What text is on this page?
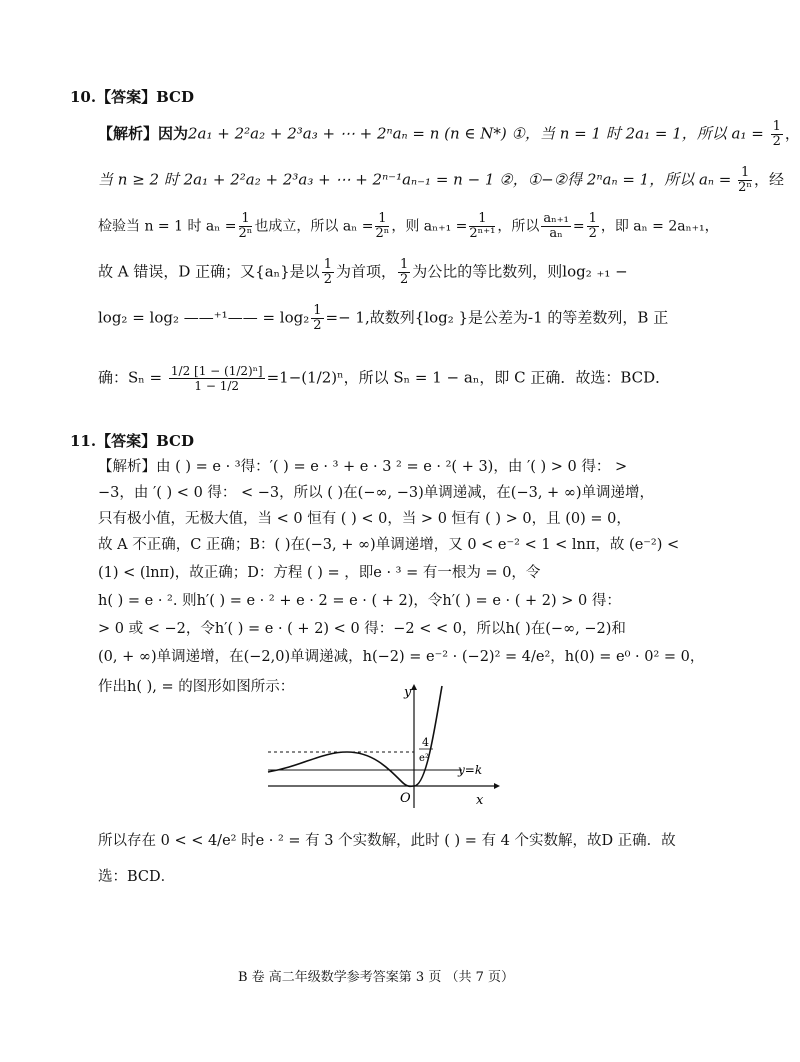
10.【答案】BCD
【解析】因为2a₁ + 2²a₂ + 2³a₃ + ⋯ + 2ⁿaₙ = n (n ∈ N*) ①，当 n = 1 时 2a₁ = 1，所以 $a_1 = \frac{1}{2}$ ，
当 n ≥ 2 时 2a₁ + 2²a₂ + 2³a₃ + ⋯ + 2ⁿ⁻¹aₙ₋₁ = n − 1 ②，①−②得 2ⁿaₙ = 1，所以 $a_n = \frac{1}{\text{2ⁿ}}$ ，经
检验当 n = 1 时 $a_n = \frac{1}{\text{2ⁿ}}$ 也成立，所以 $a_n = \frac{1}{\text{2ⁿ}}$ ，则 $a_{n+1} = \frac{1}{\text{2ⁿ⁺¹}}$ ，所以 $\frac{\text{aₙ₊₁}}{\text{aₙ}} = \frac{1}{2}$ ，即 aₙ = 2aₙ₊₁，
故 A 错误，D 正确；又{aₙ}是以 $\frac{1}{2}$ 为首项， $\frac{1}{2}$ 为公比的等比数列，则log₂ ₊₁ −
log₂ = log₂ ——⁺¹—— = $\log_2 \frac{1}{2} =- 1$,故数列{log₂ }是公差为-1 的等差数列，B 正
确：$S_n = \frac{\text{1/2 [1 − (1/2)ⁿ]}}{1 - 1/2} =1-(1/2)^n$，所以 Sₙ = 1 − aₙ，即 C 正确．故选：BCD．
11.【答案】BCD
【解析】由 ( ) = e · ³得：′( ) = e · ³ + e · 3 ² = e · ²( + 3)，由 ′( ) > 0 得： >
−3，由 ′( ) < 0 得： < −3，所以 ( )在(−∞, −3)单调递减，在(−3, + ∞)单调递增，
只有极小值，无极大值，当 < 0 恒有 ( ) < 0，当 > 0 恒有 ( ) > 0，且 (0) = 0，
故 A 不正确，C 正确；B：( )在(−3, + ∞)单调递增，又 0 < e⁻² < 1 < lnπ，故 (e⁻²) <
(1) < (lnπ)，故正确；D：方程 ( ) = ，即e · ³ = 有一根为 = 0，令
h( ) = e · ². 则h′( ) = e · ² + e · 2 = e · ( + 2)，令h′( ) = e · ( + 2) > 0 得：
> 0 或 < −2，令h′( ) = e · ( + 2) < 0 得：−2 < < 0，所以h( )在(−∞, −2)和
(0, + ∞)单调递增，在(−2,0)单调递减，h(−2) = e⁻² · (−2)² = 4/e²，h(0) = e⁰ · 0² = 0，
作出h( ), = 的图形如图所示：	y
x
O
y=k
4
e²
所以存在 0 < < 4/e² 时e · ² = 有 3 个实数解，此时 ( ) = 有 4 个实数解，故D 正确．故
选：BCD．
B 卷 高二年级数学参考答案第 3 页 （共 7 页）
